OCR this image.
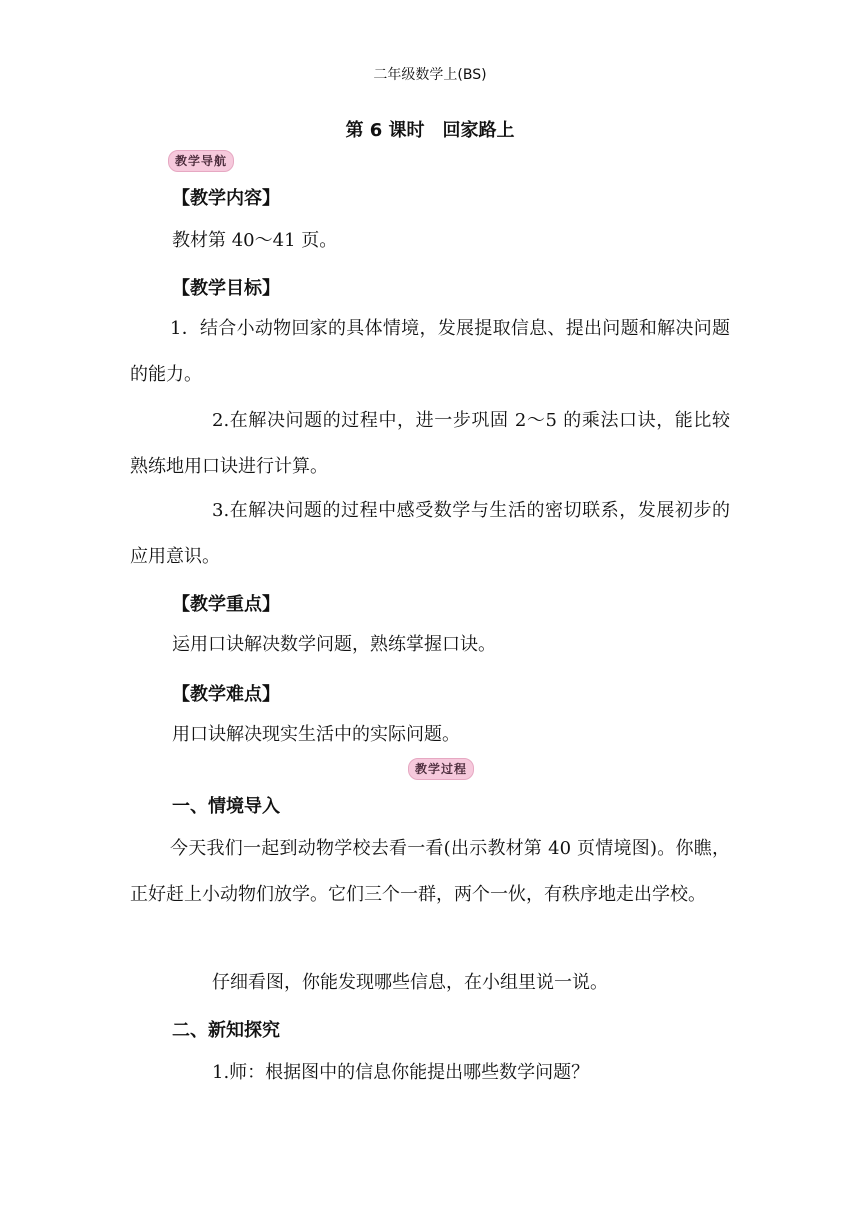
二年级数学上(BS)
第 6 课时　回家路上
教学导航
【教学内容】
教材第 40～41 页。
【教学目标】
1．结合小动物回家的具体情境，发展提取信息、提出问题和解决问题的能力。
2.在解决问题的过程中，进一步巩固 2～5 的乘法口诀，能比较熟练地用口诀进行计算。
3.在解决问题的过程中感受数学与生活的密切联系，发展初步的应用意识。
【教学重点】
运用口诀解决数学问题，熟练掌握口诀。
【教学难点】
用口诀解决现实生活中的实际问题。
教学过程
一、情境导入
今天我们一起到动物学校去看一看(出示教材第 40 页情境图)。你瞧，正好赶上小动物们放学。它们三个一群，两个一伙，有秩序地走出学校。
仔细看图，你能发现哪些信息，在小组里说一说。
二、新知探究
1.师：根据图中的信息你能提出哪些数学问题？
